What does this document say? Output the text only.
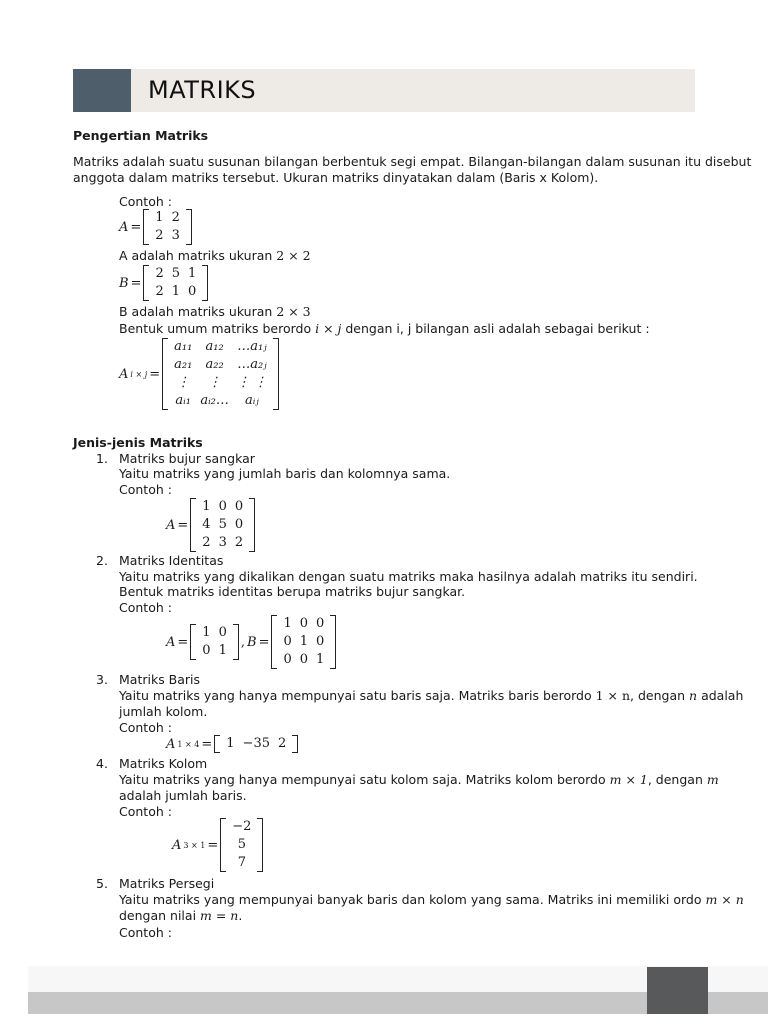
MATRIKS
Pengertian Matriks
Matriks adalah suatu susunan bilangan berbentuk segi empat. Bilangan-bilangan dalam susunan itu disebut
anggota dalam matriks tersebut. Ukuran matriks dinyatakan dalam (Baris x Kolom).
Contoh :
A =
1 2
2 3
A adalah matriks ukuran 2 × 2
B =
2 5 1
2 1 0
B adalah matriks ukuran 2 × 3
Bentuk umum matriks berordo i × j dengan i, j bilangan asli adalah sebagai berikut :
A i × j =
a₁₁	a₁₂	…a₁ⱼ
a₂₁	a₂₂	…a₂ⱼ
⋮	⋮	⋮ ⋮
aᵢ₁ aᵢ₂…	aᵢⱼ
Jenis-jenis Matriks
1. Matriks bujur sangkar
Yaitu matriks yang jumlah baris dan kolomnya sama.
Contoh :
A =
1 0 0
4 5 0
2 3 2
2. Matriks Identitas
Yaitu matriks yang dikalikan dengan suatu matriks maka hasilnya adalah matriks itu sendiri.
Bentuk matriks identitas berupa matriks bujur sangkar.
Contoh :
A =
1 0
0 1
, B =
1 0 0
0 1 0
0 0 1
3. Matriks Baris
Yaitu matriks yang hanya mempunyai satu baris saja. Matriks baris berordo 1 × n, dengan n adalah
jumlah kolom.
Contoh :
A 1 × 4 =	1 −35 2
4. Matriks Kolom
Yaitu matriks yang hanya mempunyai satu kolom saja. Matriks kolom berordo m × 1, dengan m
adalah jumlah baris.
Contoh :
A 3 × 1 =
−2
5
7
5. Matriks Persegi
Yaitu matriks yang mempunyai banyak baris dan kolom yang sama. Matriks ini memiliki ordo m × n
dengan nilai m = n.
Contoh :
